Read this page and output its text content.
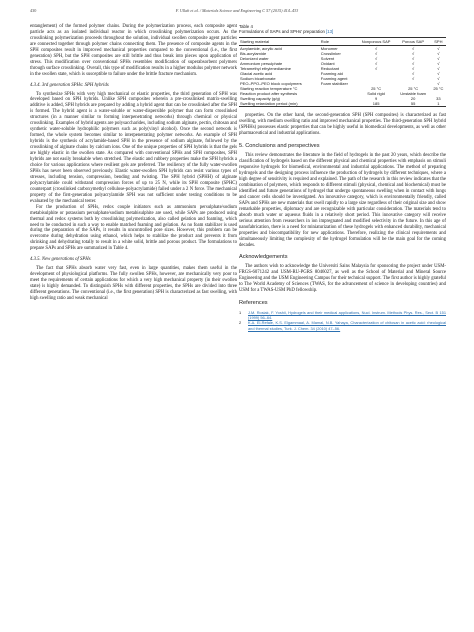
430	F. Ullah et al. / Materials Science and Engineering C 57 (2015) 414–433

entanglement) of the formed polymer chains. During the polymerization process, each composite agent particle acts as an isolated individual reactor in which crosslinking polymerization occurs. As the crosslinking polymerization proceeds throughout the solution, individual swollen composite agent particles are connected together through polymer chains connecting them. The presence of composite agents in the SPH composites result in improved mechanical properties compared to the conventional (i.e., the first generation) SPH, but the SPH composites are still brittle and thus break into pieces upon application of stress. This modification over conventional SPHs resembles modification of superabsorbent polymers through surface crosslinking. Overall, this type of modification results in a higher modulus polymer network in the swollen state, which is susceptible to failure under the brittle fracture mechanism.

4.3.4. 3rd generation SPHs: SPH hybrids

To synthesize SPHs with very high mechanical or elastic properties, the third generation of SPH was developed based on SPH hybrids. Unlike SPH composites wherein a pre-crosslinked matrix-swelling additive is added, SPH hybrids are prepared by adding a hybrid agent that can be crosslinked after the SPH is formed. The hybrid agent is a water-soluble or water-dispersible polymer that can form crosslinked structures (in a manner similar to forming interpenetrating networks) through chemical or physical crosslinking. Examples of hybrid agents are polysaccharides, including sodium alginate, pectin, chitosan and synthetic water-soluble hydrophilic polymers such as poly(vinyl alcohol). Once the second network is formed, the whole system becomes similar to interpenetrating polymer networks. An example of SPH hybrids is the synthesis of acrylamide-based SPH in the presence of sodium alginate, followed by the crosslinking of alginate chains by calcium ions. One of the unique properties of SPH hybrids is that the gels are highly elastic in the swollen state. As compared with conventional SPHs and SPH composites, SPH hybrids are not easily breakable when stretched. The elastic and rubbery properties make the SPH hybrids a choice for various applications where resilient gels are preferred. The resiliency of the fully water-swollen SPHs has never been observed previously. Elastic water-swollen SPH hybrids can resist various types of stresses, including tension, compression, bending and twisting. The SPH hybrid (SPHH) of alginate polyacrylamide could withstand compression forces of up to 25 N, while its SPH composite (SPHC) counterpart (crosslinked carboxymethyl cellulose-polyacrylamide) failed under a 2 N force. The mechanical property of the first-generation polyacrylamide SPH was not sufficient under testing conditions to be evaluated by the mechanical tester.

For the production of SPHs, redox couple initiators such as ammonium persulphate/sodium metabisulphite or potassium persulphate/sodium metabisulphite are used, while SAPs are produced using thermal and redox systems both by crosslinking polymerization, also called gelation and foaming, which need to be conducted in such a way to enable matched foaming and gelation. As no foam stabilizer is used during the preparation of the SAPs, it results in uncontrolled pore sizes. However, this problem can be overcome during dehydration using ethanol, which helps to stabilize the product and prevents it from shrinking and dehydrating totally to result in a white solid, brittle and porous product. The formulations to prepare SAPs and SPHs are summarized in Table 4.

4.3.5. New generations of SPHs

The fact that SPHs absorb water very fast, even in large quantities, makes them useful in the development of physiological platforms. The fully swollen SPHs, however, are mechanically very poor to meet the requirements of certain applications for which a very high mechanical property (in their swollen state) is highly demanded. To distinguish SPHs with different properties, the SPHs are divided into three different generations. The conventional (i.e., the first generation) SPH is characterized as fast swelling, with high swelling ratio and weak mechanical

Table 4
Formulations of SAPs and SPHs' preparation [13]
Starting material	Role	Nonporous SAP	Porous SAP	SPH
Acrylamide, acrylic acid	Monomer	√	√	√
Bis-acrylamide	Crosslinker	√	√	√
Deionized water	Solvent	√	√	√
Ammonium persulphate	Oxidant	√	√	√
Tetramethyl ethylenediamine	Reductant	√	√	√
Glacial acetic acid	Foaming aid		√	√
Sodium bicarbonate	Foaming agent		√	√
PEO–PPO–PEO block copolymers	Foam stabilizer			√
Starting reaction temperature °C		25 °C	25 °C	25 °C
Reaction product after synthesis		Solid rigid	Unstable foam	
Swelling capacity (g/g)		9	20	33
Swelling retardation period (min)		185	55	1

properties. On the other hand, the second-generation SPH (SPH composites) is characterized as fast swelling, with medium swelling ratio and improved mechanical properties. The third-generation SPH hybrid (SPHHs) possesses elastic properties that can be highly useful in biomedical developments, as well as other pharmaceutical and industrial applications.

5. Conclusions and perspectives

This review demonstrates the literature in the field of hydrogels in the past 20 years, which describe the classification of hydrogels based on the different physical and chemical properties with emphasis on stimuli responsive hydrogels for biomedical, environmental and industrial applications. The method of preparing hydrogels and the designing process influence the production of hydrogels by different techniques, where a high degree of sensitivity is required and explained. The path of the research in this review indicates that the combination of polymers, which responds to different stimuli (physical, chemical and biochemical) must be identified and future generations of hydrogel that undergo spontaneous swelling when in contact with lungs and cancer cells should be investigated. An innovative category, which is environmentally friendly, called SAPs and SPHs are new materials that swell rapidly to a large size regardless of their original size and show remarkable properties, diplomacy and are recognizable with particular consideration. The materials tend to absorb much water or aqueous fluids in a relatively short period. This innovative category will receive serious attention from researchers in ion impregnated and modified selectivity in the future. In this age of nanofabrication, there is a need for miniaturization of these hydrogels with enhanced durability, mechanical properties and biocompatibility for new applications. Therefore, realizing the clinical requirements and simultaneously limiting the complexity of the hydrogel formulation will be the main goal for the coming decades.

Acknowledgements

The authors wish to acknowledge the Universiti Sains Malaysia for sponsoring the project under USM-FRGS-6071242 and USM-RU-PGRS 8046027, as well as the School of Material and Mineral Source Engineering and the USM Engineering Campus for their technical support. The first author is highly grateful to The World Academy of Sciences (TWAS, for the advancement of science in developing countries) and USM for a TWAS-USM PhD fellowship.

References
1 J.M. Rosiak, F. Yoshii, Hydrogels and their medical applications, Nucl. Instrum. Methods Phys. Res., Sect. B 151 (1999) 56–64.
2 K.A. El-Refaie, K.S. Elgammaal, A. Mamal, N.B. Yahaya, Characterization of chitosan in acetic acid: rheological and thermal studies, Turk. J. Chem. 34 (2010) 47–56.
